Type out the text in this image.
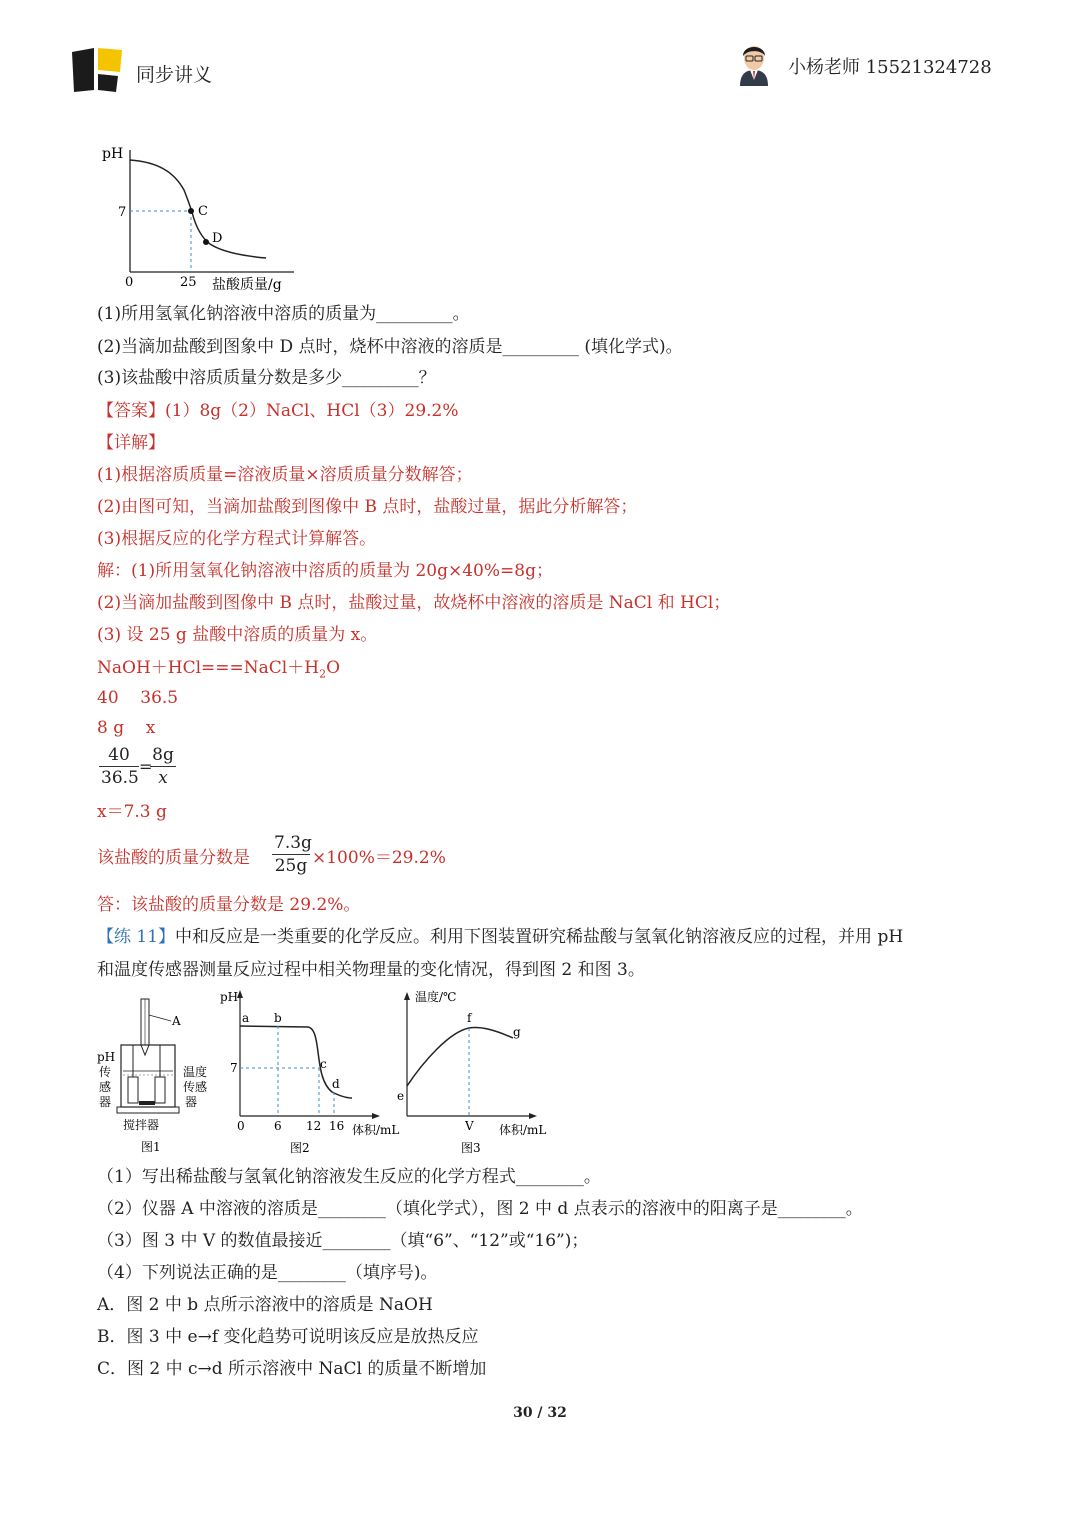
同步讲义	小杨老师 15521324728
pH
7
0	25 盐酸质量/g
C
D
(1)所用氢氧化钠溶液中溶质的质量为_________。
(2)当滴加盐酸到图象中 D 点时，烧杯中溶液的溶质是_________ (填化学式)。
(3)该盐酸中溶质质量分数是多少_________？
【答案】(1）8g（2）NaCl、HCl（3）29.2%
【详解】
(1)根据溶质质量=溶液质量×溶质质量分数解答；
(2)由图可知，当滴加盐酸到图像中 B 点时，盐酸过量，据此分析解答；
(3)根据反应的化学方程式计算解答。
解：(1)所用氢氧化钠溶液中溶质的质量为 20g×40%=8g；
(2)当滴加盐酸到图像中 B 点时，盐酸过量，故烧杯中溶液的溶质是 NaCl 和 HCl；
(3) 设 25 g 盐酸中溶质的质量为 x。
$NaOH+HCl===NaCl+H_2O$
40    36.5
8 g    x
$\frac{40}{36.5}$ =
$\frac{8g}{x}$
x＝7.3 g
该盐酸的质量分数是 $\frac{7.3g}{25g} \times 100\%=29.2\%$
答：该盐酸的质量分数是 29.2%。
【练 11】中和反应是一类重要的化学反应。利用下图装置研究稀盐酸与氢氧化钠溶液反应的过程，并用 pH
和温度传感器测量反应过程中相关物理量的变化情况，得到图 2 和图 3。
A
pH
传
感
器
温度
传感
器
搅拌器
图1
pH
7
a b
c
d
0 6 12 16 体积/mL
图2
温度/℃
e
f
g
V 体积/mL
图3
（1）写出稀盐酸与氢氧化钠溶液发生反应的化学方程式________。
（2）仪器 A 中溶液的溶质是________（填化学式），图 2 中 d 点表示的溶液中的阳离子是________。
（3）图 3 中 V 的数值最接近________（填“6”、“12”或“16”)；
（4）下列说法正确的是________（填序号)。
A．图 2 中 b 点所示溶液中的溶质是 NaOH
B．图 3 中 e→f 变化趋势可说明该反应是放热反应
C．图 2 中 c→d 所示溶液中 NaCl 的质量不断增加
30 / 32
